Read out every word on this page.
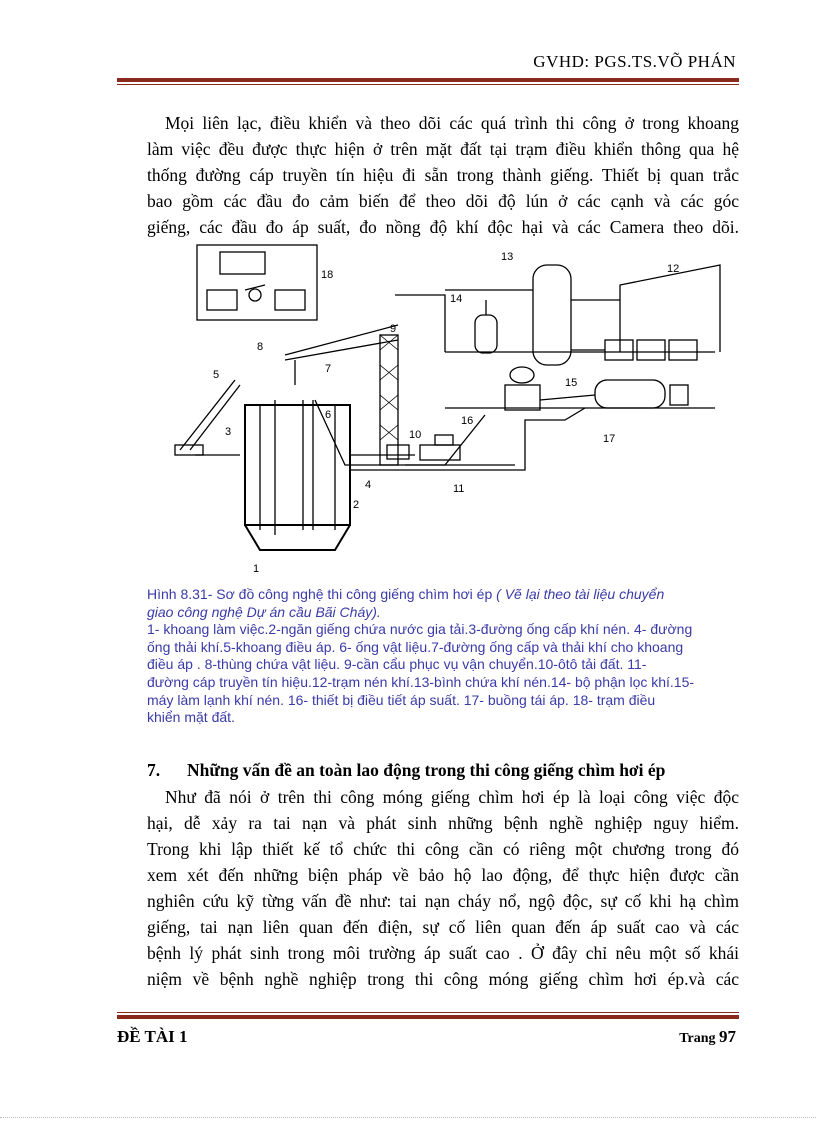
GVHD: PGS.TS.VÕ PHÁN
Mọi liên lạc, điều khiển và theo dõi các quá trình thi công ở trong khoang
làm việc đều được thực hiện ở trên mặt đất tại trạm điều khiển thông qua hệ
thống đường cáp truyền tín hiệu đi sẵn trong thành giếng. Thiết bị quan trắc
bao gồm các đầu đo cảm biến để theo dõi độ lún ở các cạnh và các góc
giếng, các đầu đo áp suất, đo nồng độ khí độc hại và các Camera theo dõi.
1
2
3
4
5
6
7
8
9
10
11
12
13
14
15
16
17
18
Hình 8.31- Sơ đồ công nghệ thi công giếng chìm hơi ép ( Vẽ lại theo tài liệu chuyển
giao công nghệ Dự án cầu Bãi Cháy).
1- khoang làm việc.2-ngăn giếng chứa nước gia tải.3-đường ống cấp khí nén. 4- đường
ống thải khí.5-khoang điều áp. 6- ống vật liệu.7-đường ống cấp và thải khí cho khoang
điều áp . 8-thùng chứa vật liệu. 9-cần cẩu phục vụ vận chuyển.10-ôtô tải đất. 11-
đường cáp truyền tín hiệu.12-trạm nén khí.13-bình chứa khí nén.14- bộ phận lọc khí.15-
máy làm lạnh khí nén. 16- thiết bị điều tiết áp suất. 17- buồng tái áp. 18- trạm điều
khiển mặt đất.
7. Những vấn đề an toàn lao động trong thi công giếng chìm hơi ép
Như đã nói ở trên thi công móng giếng chìm hơi ép là loại công việc độc
hại, dễ xảy ra tai nạn và phát sinh những bệnh nghề nghiệp nguy hiểm.
Trong khi lập thiết kế tổ chức thi công cần có riêng một chương trong đó
xem xét đến những biện pháp về bảo hộ lao động, để thực hiện được cần
nghiên cứu kỹ từng vấn đề như: tai nạn cháy nổ, ngộ độc, sự cố khi hạ chìm
giếng, tai nạn liên quan đến điện, sự cố liên quan đến áp suất cao và các
bệnh lý phát sinh trong môi trường áp suất cao . Ở đây chỉ nêu một số khái
niệm về bệnh nghề nghiệp trong thi công móng giếng chìm hơi ép.và các
ĐỀ TÀI 1	Trang 97
